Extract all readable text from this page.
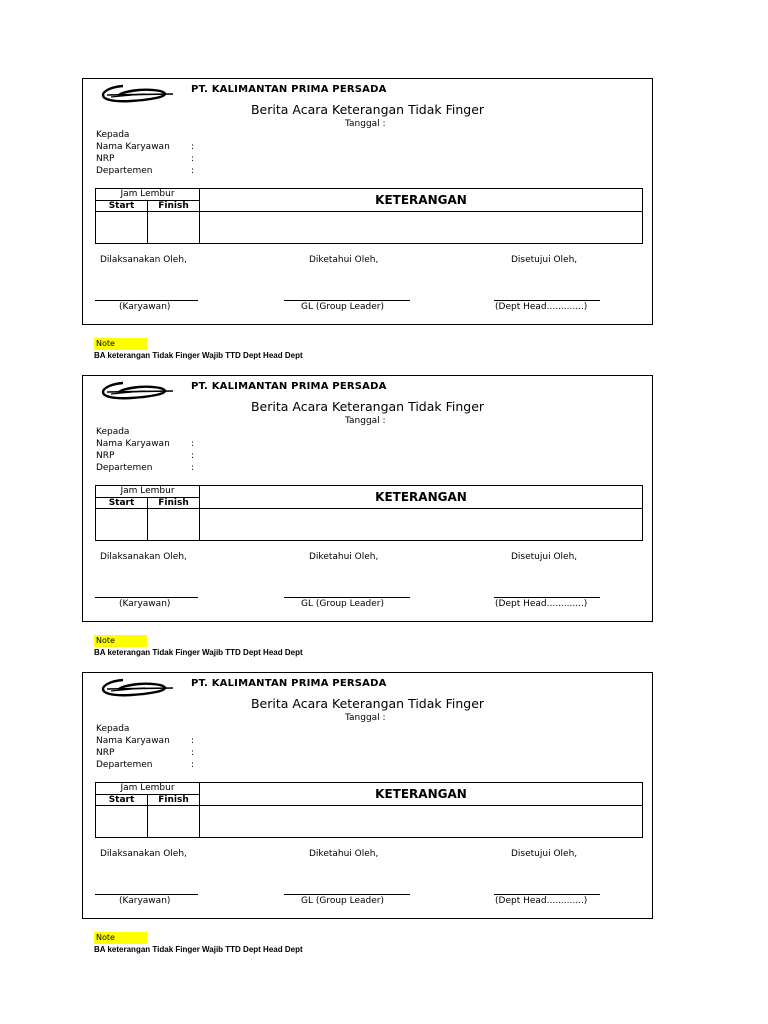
PT. KALIMANTAN PRIMA PERSADA
Berita Acara Keterangan Tidak Finger
Tanggal :
Kepada
Nama Karyawan :
NRP	:
Departemen	:
Jam Lembur		KETERANGAN
Start	Finish	

Dilaksanakan Oleh,	Diketahui Oleh,	Disetujui Oleh,
(Karyawan)	GL (Group Leader)	(Dept Head.............)
Note
BA keterangan Tidak Finger Wajib TTD Dept Head Dept
PT. KALIMANTAN PRIMA PERSADA
Berita Acara Keterangan Tidak Finger
Tanggal :
Kepada
Nama Karyawan :
NRP	:
Departemen	:
Jam Lembur		KETERANGAN
Start	Finish	

Dilaksanakan Oleh,	Diketahui Oleh,	Disetujui Oleh,
(Karyawan)	GL (Group Leader)	(Dept Head.............)
Note
BA keterangan Tidak Finger Wajib TTD Dept Head Dept
PT. KALIMANTAN PRIMA PERSADA
Berita Acara Keterangan Tidak Finger
Tanggal :
Kepada
Nama Karyawan :
NRP	:
Departemen	:
Jam Lembur		KETERANGAN
Start	Finish	

Dilaksanakan Oleh,	Diketahui Oleh,	Disetujui Oleh,
(Karyawan)	GL (Group Leader)	(Dept Head.............)
Note
BA keterangan Tidak Finger Wajib TTD Dept Head Dept
